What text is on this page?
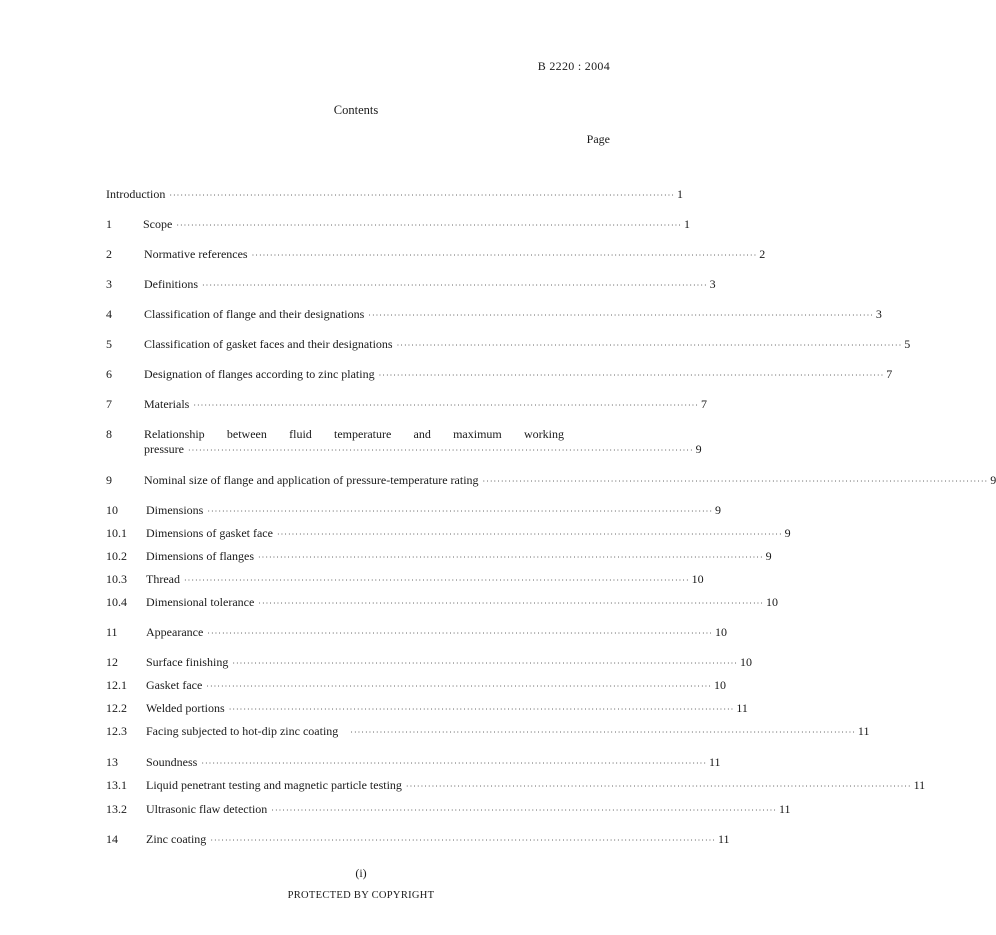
B 2220 : 2004
Contents
Page
Introduction ·········································································································································· 1
1	Scope ·········································································································································· 1
2	Normative references ·········································································································································· 2
3	Definitions ·········································································································································· 3
4	Classification of flange and their designations ·········································································································································· 3
5	Classification of gasket faces and their designations ·········································································································································· 5
6	Designation of flanges according to zinc plating ·········································································································································· 7
7	Materials ·········································································································································· 7
8	Relationship between fluid temperature and maximum working
pressure ·········································································································································· 9
9	Nominal size of flange and application of pressure-temperature rating ·········································································································································· 9
10 Dimensions ·········································································································································· 9
10.1 Dimensions of gasket face ·········································································································································· 9
10.2 Dimensions of flanges ·········································································································································· 9
10.3 Thread ·········································································································································· 10
10.4 Dimensional tolerance ·········································································································································· 10
11 Appearance ·········································································································································· 10
12 Surface finishing ·········································································································································· 10
12.1 Gasket face ·········································································································································· 10
12.2 Welded portions ·········································································································································· 11
12.3 Facing subjected to hot-dip zinc coating ·········································································································································· 11
13 Soundness ·········································································································································· 11
13.1 Liquid penetrant testing and magnetic particle testing ·········································································································································· 11
13.2 Ultrasonic flaw detection ·········································································································································· 11
14 Zinc coating ·········································································································································· 11
(i)
PROTECTED BY COPYRIGHT
